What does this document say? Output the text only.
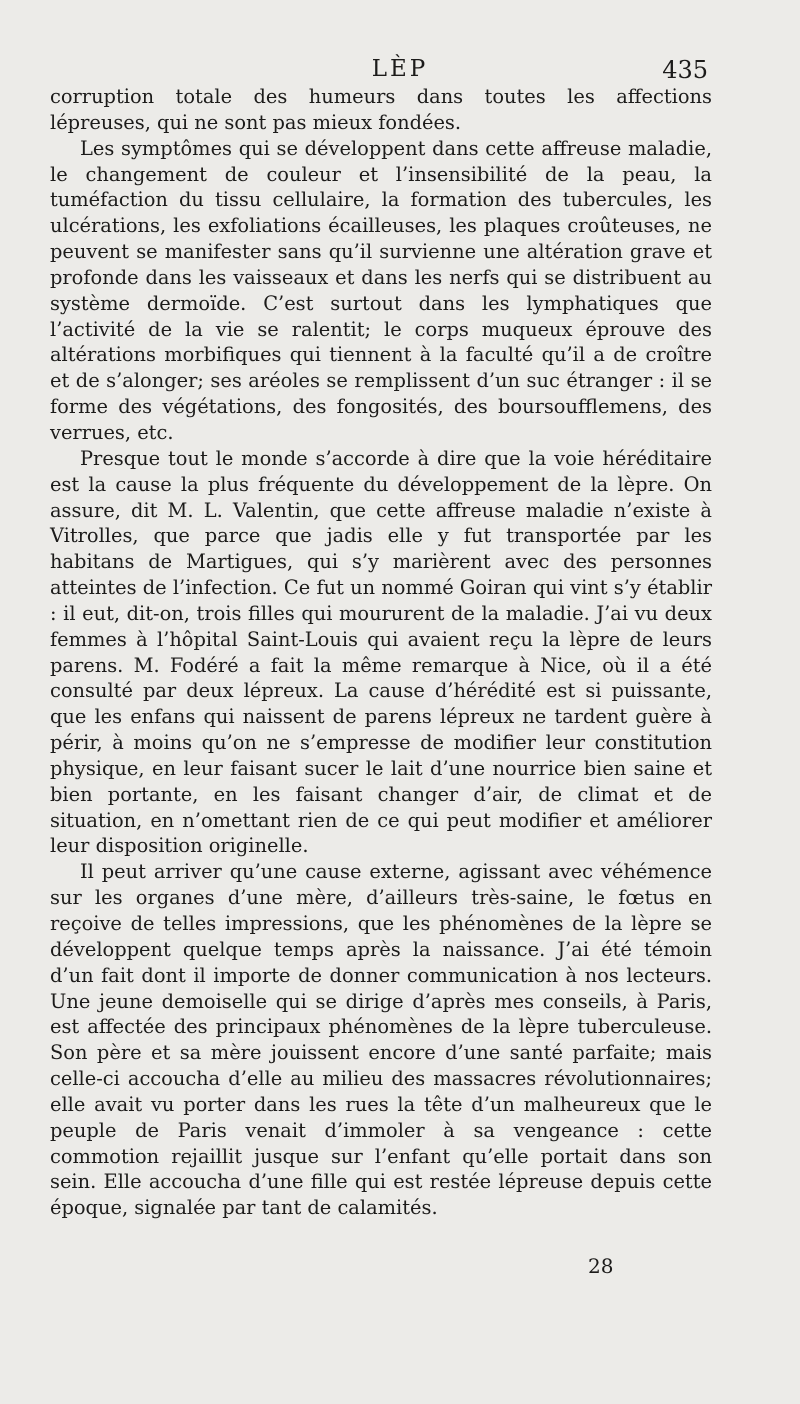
LÈP	435

corruption totale des humeurs dans toutes les affections lépreuses, qui ne sont pas mieux fondées.

Les symptômes qui se développent dans cette affreuse maladie, le changement de couleur et l’insensibilité de la peau, la tuméfaction du tissu cellulaire, la formation des tubercules, les ulcérations, les exfoliations écailleuses, les plaques croûteuses, ne peuvent se manifester sans qu’il survienne une altération grave et profonde dans les vaisseaux et dans les nerfs qui se distribuent au système dermoïde. C’est surtout dans les lymphatiques que l’activité de la vie se ralentit; le corps muqueux éprouve des altérations morbifiques qui tiennent à la faculté qu’il a de croître et de s’alonger; ses aréoles se remplissent d’un suc étranger : il se forme des végétations, des fongosités, des boursoufflemens, des verrues, etc.

Presque tout le monde s’accorde à dire que la voie héréditaire est la cause la plus fréquente du développement de la lèpre. On assure, dit M. L. Valentin, que cette affreuse maladie n’existe à Vitrolles, que parce que jadis elle y fut transportée par les habitans de Martigues, qui s’y marièrent avec des personnes atteintes de l’infection. Ce fut un nommé Goiran qui vint s’y établir : il eut, dit-on, trois filles qui moururent de la maladie. J’ai vu deux femmes à l’hôpital Saint-Louis qui avaient reçu la lèpre de leurs parens. M. Fodéré a fait la même remarque à Nice, où il a été consulté par deux lépreux. La cause d’hérédité est si puissante, que les enfans qui naissent de parens lépreux ne tardent guère à périr, à moins qu’on ne s’empresse de modifier leur constitution physique, en leur faisant sucer le lait d’une nourrice bien saine et bien portante, en les faisant changer d’air, de climat et de situation, en n’omettant rien de ce qui peut modifier et améliorer leur disposition originelle.

Il peut arriver qu’une cause externe, agissant avec véhémence sur les organes d’une mère, d’ailleurs très-saine, le fœtus en reçoive de telles impressions, que les phénomènes de la lèpre se développent quelque temps après la naissance. J’ai été témoin d’un fait dont il importe de donner communication à nos lecteurs. Une jeune demoiselle qui se dirige d’après mes conseils, à Paris, est affectée des principaux phénomènes de la lèpre tuberculeuse. Son père et sa mère jouissent encore d’une santé parfaite; mais celle-ci accoucha d’elle au milieu des massacres révolutionnaires; elle avait vu porter dans les rues la tête d’un malheureux que le peuple de Paris venait d’immoler à sa vengeance : cette commotion rejaillit jusque sur l’enfant qu’elle portait dans son sein. Elle accoucha d’une fille qui est restée lépreuse depuis cette époque, signalée par tant de calamités.

28
